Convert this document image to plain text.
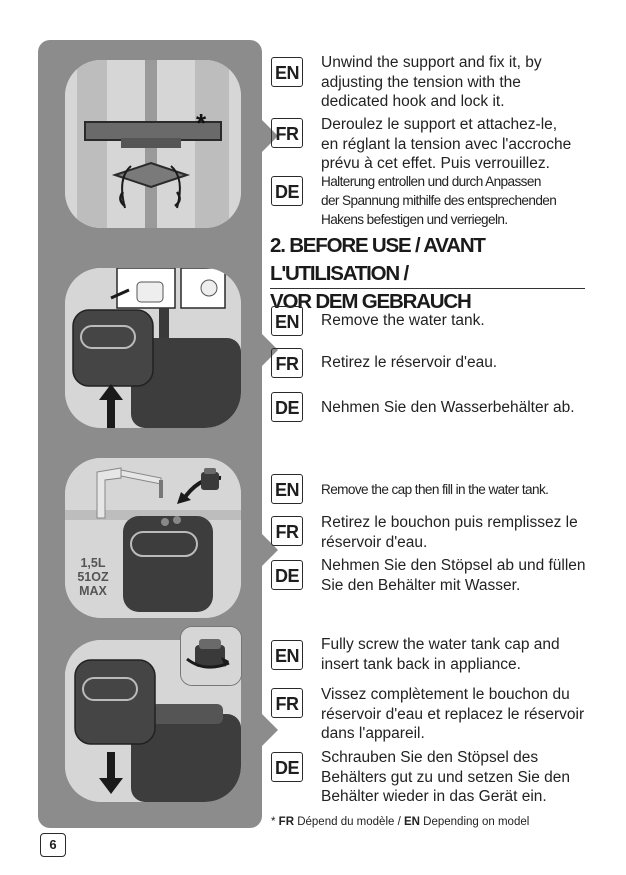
*
1,5L
51OZ
MAX
EN
Unwind the support and fix it, by
adjusting the tension with the
dedicated hook and lock it.
FR Deroulez le support et attachez-le,
en réglant la tension avec l'accroche
prévu à cet effet. Puis verrouillez.
DE
Halterung entrollen und durch Anpassen
der Spannung mithilfe des entsprechenden
Hakens befestigen und verriegeln.
2. BEFORE USE / AVANT L'UTILISATION /
VOR DEM GEBRAUCH
EN Remove the water tank.
FR Retirez le réservoir d'eau.
DE Nehmen Sie den Wasserbehälter ab.
EN Remove the cap then fill in the water tank.
FR Retirez le bouchon puis remplissez le
réservoir d'eau.
DE
Nehmen Sie den Stöpsel ab und füllen
Sie den Behälter mit Wasser.
EN
Fully screw the water tank cap and
insert tank back in appliance.
FR Vissez complètement le bouchon du
réservoir d'eau et replacez le réservoir
dans l'appareil.
DE
Schrauben Sie den Stöpsel des
Behälters gut zu und setzen Sie den
Behälter wieder in das Gerät ein.
* FR Dépend du modèle / EN Depending on model
6
